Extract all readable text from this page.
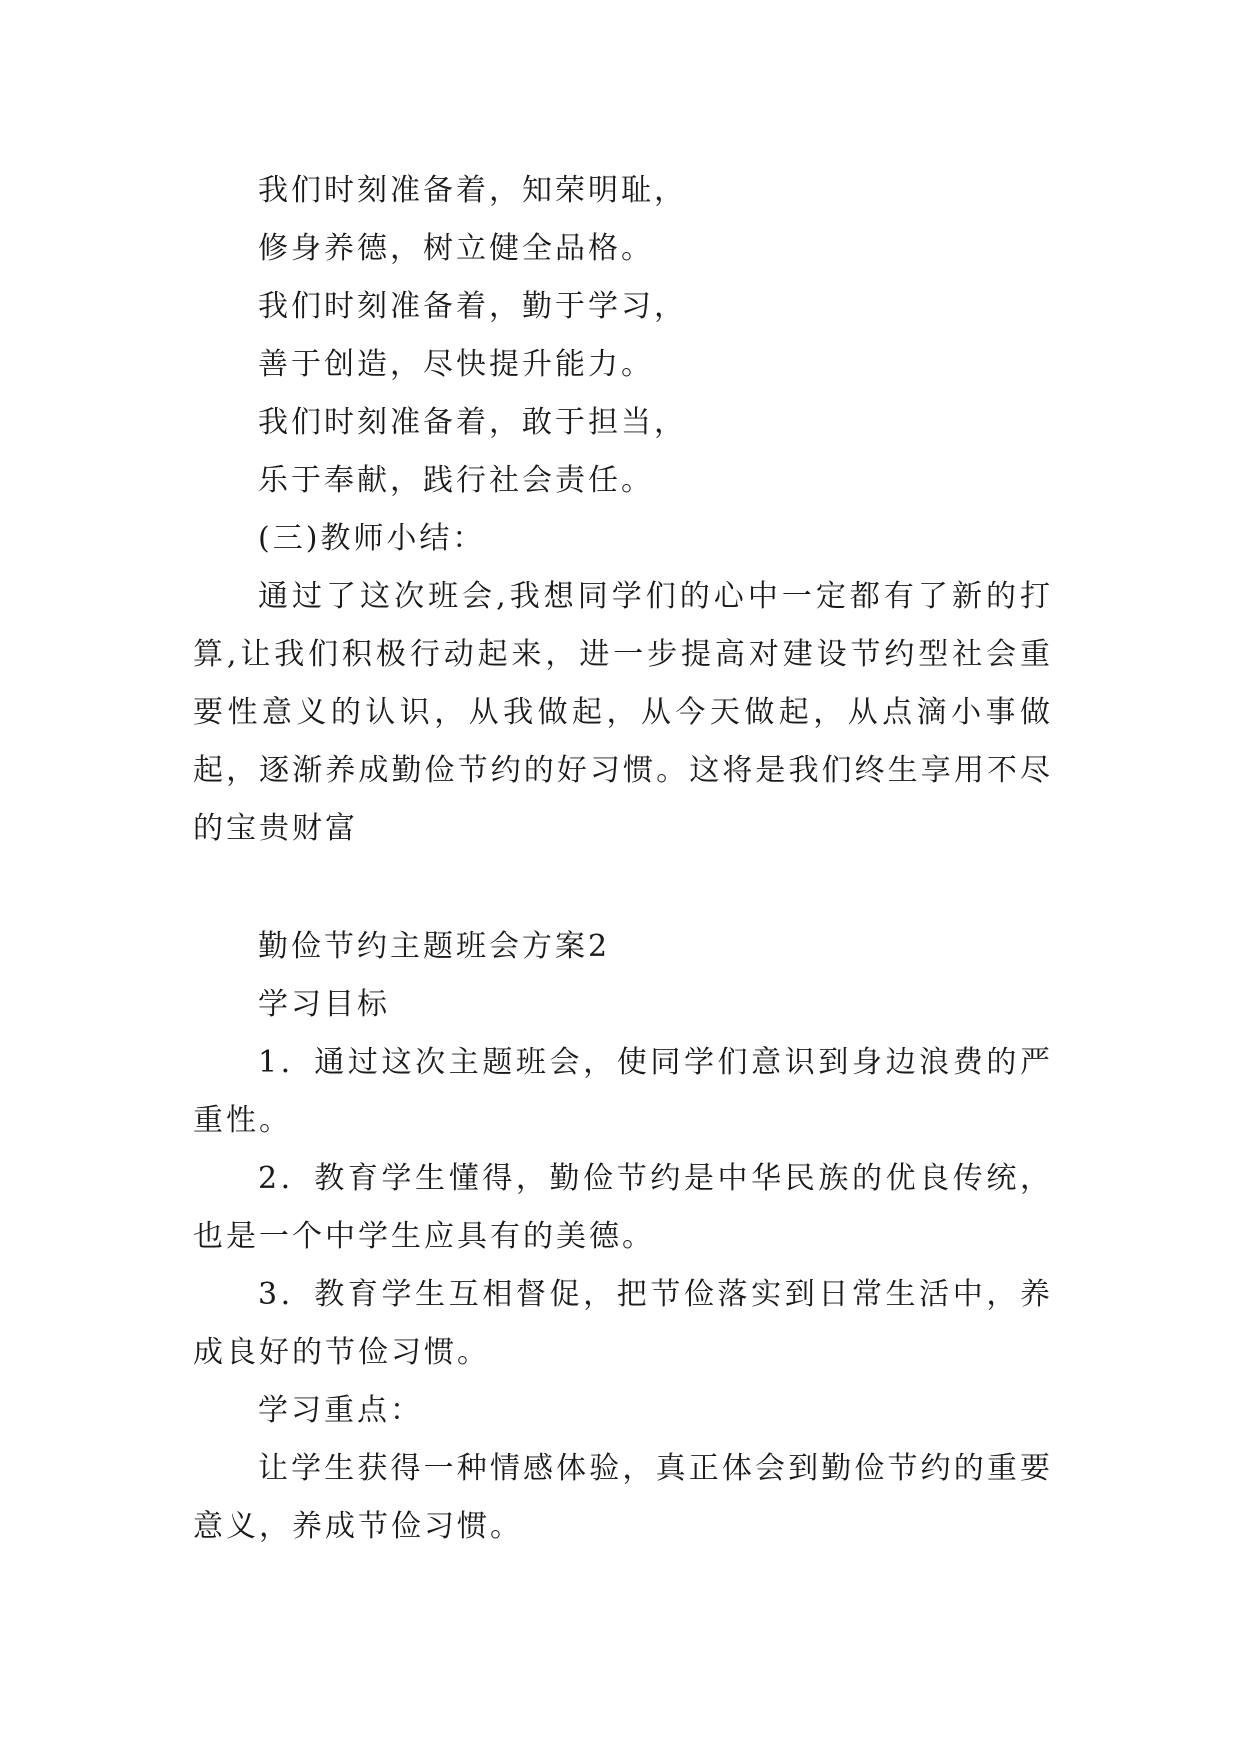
我们时刻准备着，知荣明耻，

修身养德，树立健全品格。

我们时刻准备着，勤于学习，

善于创造，尽快提升能力。

我们时刻准备着，敢于担当，

乐于奉献，践行社会责任。

(三)教师小结：

通过了这次班会,我想同学们的心中一定都有了新的打算,让我们积极行动起来，进一步提高对建设节约型社会重要性意义的认识，从我做起，从今天做起，从点滴小事做起，逐渐养成勤俭节约的好习惯。这将是我们终生享用不尽的宝贵财富

勤俭节约主题班会方案2

学习目标

1．通过这次主题班会，使同学们意识到身边浪费的严重性。

2．教育学生懂得，勤俭节约是中华民族的优良传统，也是一个中学生应具有的美德。

3．教育学生互相督促，把节俭落实到日常生活中，养成良好的节俭习惯。

学习重点：

让学生获得一种情感体验，真正体会到勤俭节约的重要意义，养成节俭习惯。
